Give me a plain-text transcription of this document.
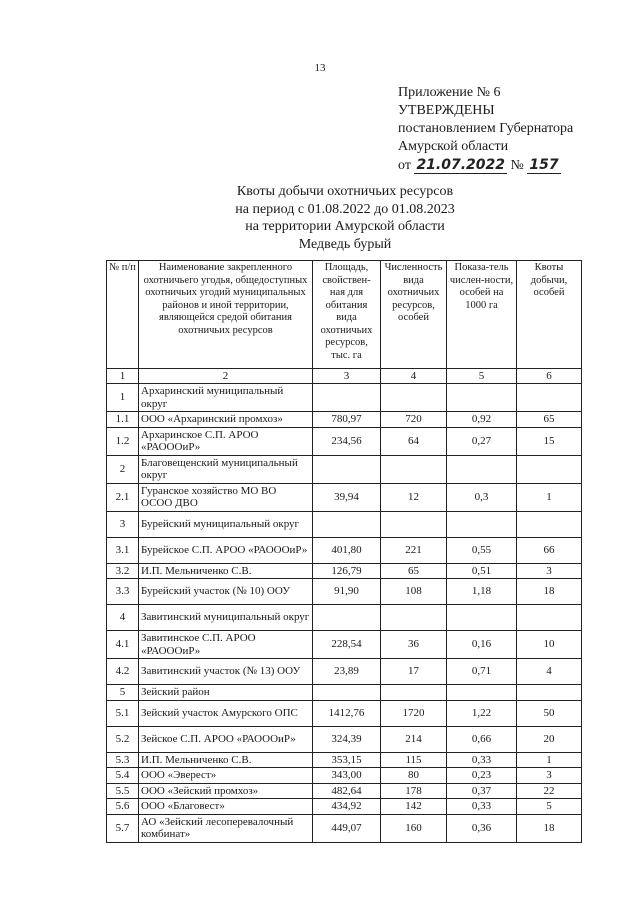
13
Приложение № 6
УТВЕРЖДЕНЫ
постановлением Губернатора
Амурской области
от 21.07.2022 № 157
Квоты добычи охотничьих ресурсов
на период с 01.08.2022 до 01.08.2023
на территории Амурской области
Медведь бурый
№ п/п	Наименование закрепленного охотничьего угодья, общедоступных охотничьих угодий муниципальных районов и иной территории, являющейся средой обитания охотничьих ресурсов	Площадь, свойствен-ная для обитания вида охотничьих ресурсов, тыс. га	Численность вида охотничьих ресурсов, особей	Показа-тель числен-ности, особей на 1000 га	Квоты добычи, особей
1	2	3	4	5	6
1	Архаринский муниципальный округ				
1.1	ООО «Архаринский промхоз»	780,97	720	0,92	65
1.2	Архаринское С.П. АРОО «РАОООиР»	234,56	64	0,27	15
2	Благовещенский муниципальный округ				
2.1	Гуранское хозяйство МО ВО ОСОО ДВО	39,94	12	0,3	1
3	Бурейский муниципальный округ				
3.1	Бурейское С.П. АРОО «РАОООиР»	401,80	221	0,55	66
3.2	И.П. Мельниченко С.В.	126,79	65	0,51	3
3.3	Бурейский участок (№ 10) ООУ	91,90	108	1,18	18
4	Завитинский муниципальный округ				
4.1	Завитинское С.П. АРОО «РАОООиР»	228,54	36	0,16	10
4.2	Завитинский участок (№ 13) ООУ	23,89	17	0,71	4
5	Зейский район				
5.1	Зейский участок Амурского ОПС	1412,76	1720	1,22	50
5.2	Зейское С.П. АРОО «РАОООиР»	324,39	214	0,66	20
5.3	И.П. Мельниченко С.В.	353,15	115	0,33	1
5.4	ООО «Эверест»	343,00	80	0,23	3
5.5	ООО «Зейский промхоз»	482,64	178	0,37	22
5.6	ООО «Благовест»	434,92	142	0,33	5
5.7	АО «Зейский лесоперевалочный комбинат»	449,07	160	0,36	18
